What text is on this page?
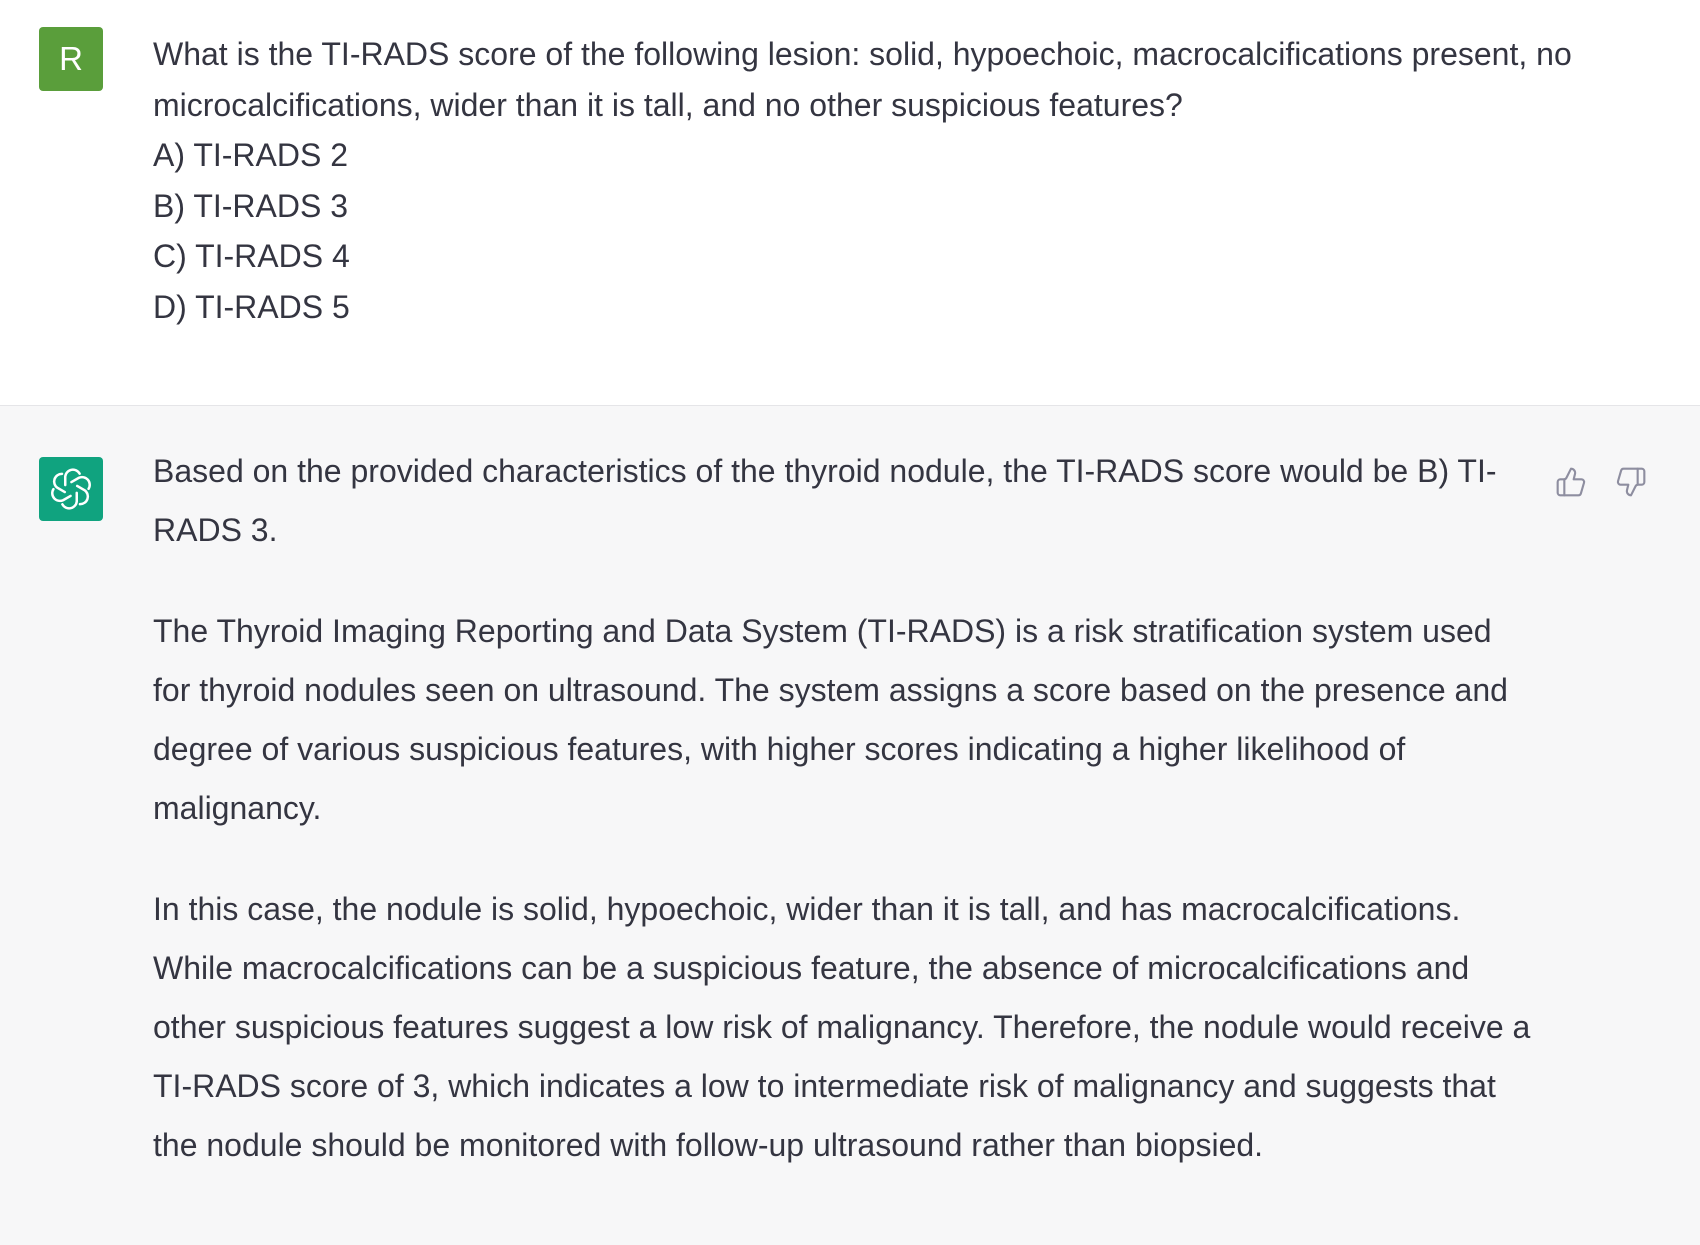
R What is the TI-RADS score of the following lesion: solid, hypoechoic, macrocalcifications present, no microcalcifications, wider than it is tall, and no other suspicious features?

A) TI-RADS 2

B) TI-RADS 3

C) TI-RADS 4

D) TI-RADS 5

Based on the provided characteristics of the thyroid nodule, the TI-RADS score would be B) TI-RADS 3.

The Thyroid Imaging Reporting and Data System (TI-RADS) is a risk stratification system used for thyroid nodules seen on ultrasound. The system assigns a score based on the presence and degree of various suspicious features, with higher scores indicating a higher likelihood of malignancy.

In this case, the nodule is solid, hypoechoic, wider than it is tall, and has macrocalcifications. While macrocalcifications can be a suspicious feature, the absence of microcalcifications and other suspicious features suggest a low risk of malignancy. Therefore, the nodule would receive a TI-RADS score of 3, which indicates a low to intermediate risk of malignancy and suggests that the nodule should be monitored with follow-up ultrasound rather than biopsied.
